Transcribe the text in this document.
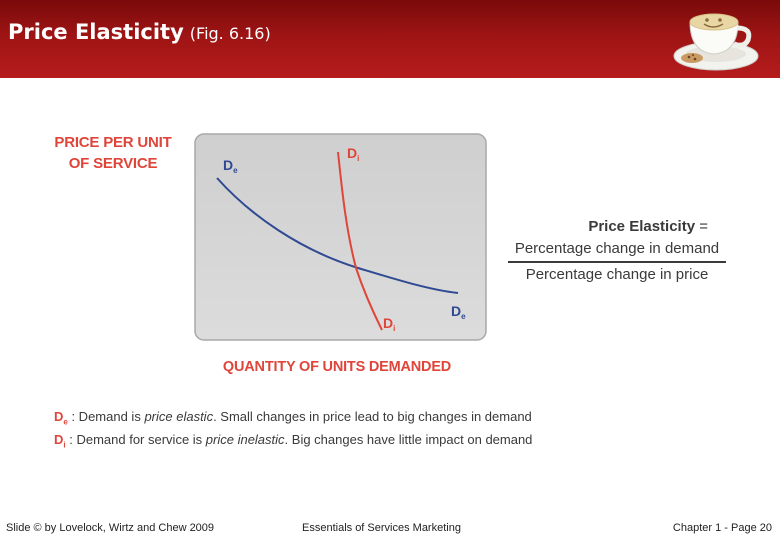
Price Elasticity (Fig. 6.16)
$D_e$
$D_e$
$D_i$
$D_i$
PRICE PER UNIT
OF SERVICE
QUANTITY OF UNITS DEMANDED
Price Elasticity =
Percentage change in demand
Percentage change in price
$D_e$ : Demand is price elastic. Small changes in price lead to big changes in demand
$D_i$ : Demand for service is price inelastic. Big changes have little impact on demand
Slide © by Lovelock, Wirtz and Chew 2009	Essentials of Services Marketing	Chapter 1 - Page 20
